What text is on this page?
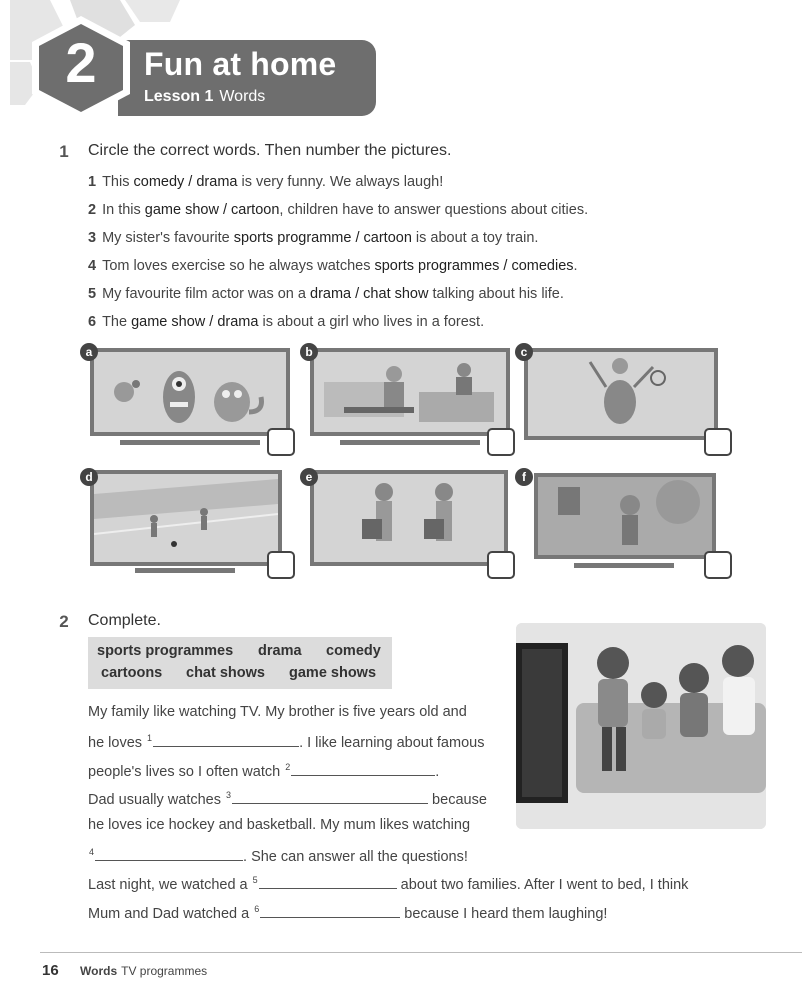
2	Fun at home
Lesson 1 Words
1 Circle the correct words. Then number the pictures.
1 This comedy / drama is very funny. We always laugh!
2 In this game show / cartoon, children have to answer questions about cities.
3 My sister's favourite sports programme / cartoon is about a toy train.
4 Tom loves exercise so he always watches sports programmes / comedies.
5 My favourite film actor was on a drama / chat show talking about his life.
6 The game show / drama is about a girl who lives in a forest.
a	b	c
d	e	f
2 Complete.
sports programmes drama comedy
cartoons chat shows game shows
My family like watching TV. My brother is five years old and
he loves $^1$	. I like learning about famous
people's lives so I often watch $^2$	.
Dad usually watches $^3$	because
he loves ice hockey and basketball. My mum likes watching
$^4$	. She can answer all the questions!
Last night, we watched a $^5$	about two families. After I went to bed, I think
Mum and Dad watched a $^6$	because I heard them laughing!
16 Words TV programmes
